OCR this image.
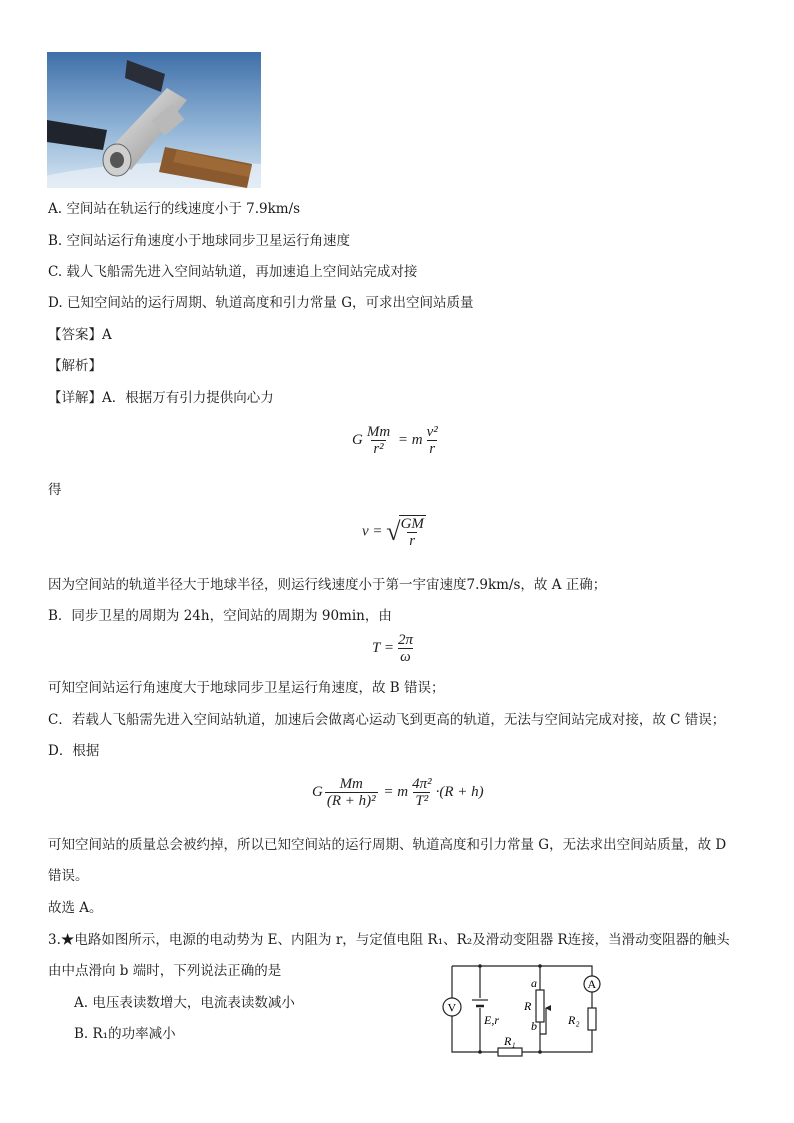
A. 空间站在轨运行的线速度小于 7.9km/s
B. 空间站运行角速度小于地球同步卫星运行角速度
C. 载人飞船需先进入空间站轨道，再加速追上空间站完成对接
D. 已知空间站的运行周期、轨道高度和引力常量 G，可求出空间站质量
【答案】A
【解析】
【详解】A．根据万有引力提供向心力
G $\frac{Mm}{\text{r²}} = m \frac{\text{v²}}{r}$
得
v = √
$\frac{GM}{r}$
因为空间站的轨道半径大于地球半径，则运行线速度小于第一宇宙速度7.9km/s，故 A 正确；
B．同步卫星的周期为 24h，空间站的周期为 90min，由
$T = \frac{2\pi}{\omega}$
可知空间站运行角速度大于地球同步卫星运行角速度，故 B 错误；
C．若载人飞船需先进入空间站轨道，加速后会做离心运动飞到更高的轨道，无法与空间站完成对接，故 C 错误；
D．根据
G $\frac{Mm}{\text{(R + h)²}} = m \frac{\text{4π²}}{\text{T²}} \cdot(R + h)$
可知空间站的质量总会被约掉，所以已知空间站的运行周期、轨道高度和引力常量 G，无法求出空间站质量，故 D
错误。
故选 A。
3.★电路如图所示，电源的电动势为 E、内阻为 r，与定值电阻 R₁、R₂及滑动变阻器 R连接，当滑动变阻器的触头
由中点滑向 b 端时，下列说法正确的是
A. 电压表读数增大，电流表读数减小
B. R₁的功率减小
V
E,r
a
R
b
A
R₂
R₁
